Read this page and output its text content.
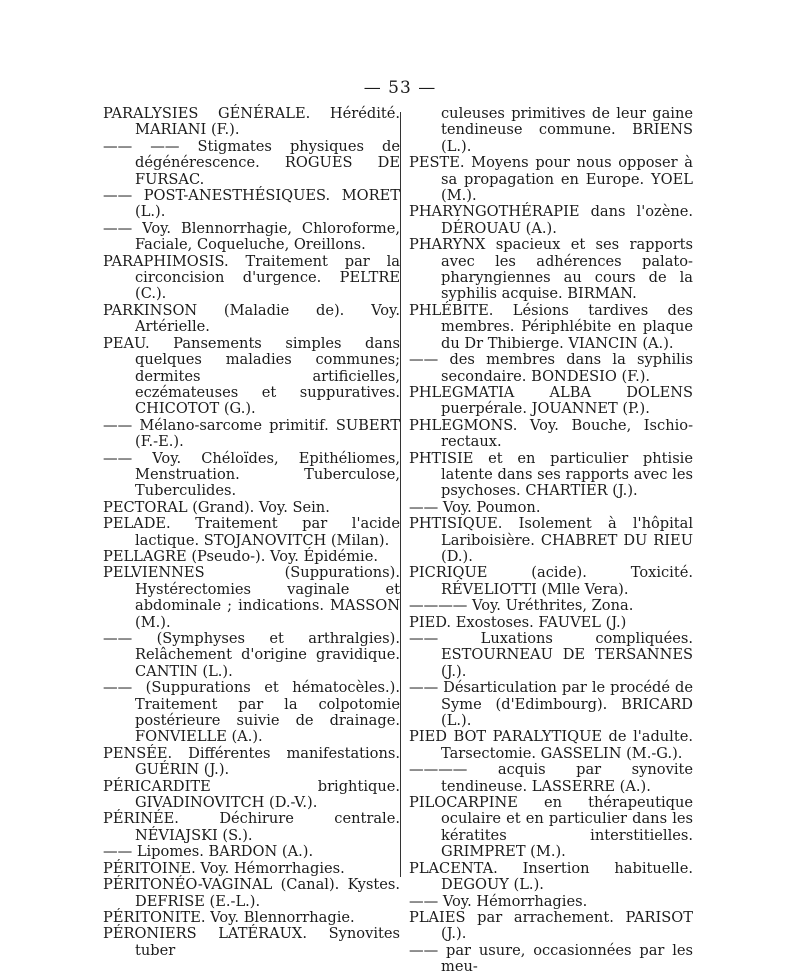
— 53 —

PARALYSIES GÉNÉRALE. Hérédité. MARIANI (F.).

—— —— Stigmates physiques de dégénérescence. ROGUES DE FURSAC.

—— POST-ANESTHÉSIQUES. MORET (L.).

—— Voy. Blennorrhagie, Chloroforme, Faciale, Coqueluche, Oreillons.

PARAPHIMOSIS. Traitement par la circoncision d'urgence. PELTRE (C.).

PARKINSON (Maladie de). Voy. Artérielle.

PEAU. Pansements simples dans quelques maladies communes; dermites artificielles, eczémateuses et suppuratives. CHICOTOT (G.).

—— Mélano-sarcome primitif. SUBERT (F.-E.).

—— Voy. Chéloïdes, Epithéliomes, Menstruation. Tuberculose, Tuberculides.

PECTORAL (Grand). Voy. Sein.

PELADE. Traitement par l'acide lactique. STOJANOVITCH (Milan).

PELLAGRE (Pseudo-). Voy. Épidémie.

PELVIENNES (Suppurations). Hystérectomies vaginale et abdominale ; indications. MASSON (M.).

—— (Symphyses et arthralgies). Relâchement d'origine gravidique. CANTIN (L.).

—— (Suppurations et hématocèles.). Traitement par la colpotomie postérieure suivie de drainage. FONVIELLE (A.).

PENSÉE. Différentes manifestations. GUÉRIN (J.).

PÉRICARDITE brightique. GIVADINOVITCH (D.-V.).

PÉRINÉE. Déchirure centrale. NÉVIAJSKI (S.).

—— Lipomes. BARDON (A.).

PÉRITOINE. Voy. Hémorrhagies.

PÉRITONÉO-VAGINAL (Canal). Kystes. DEFRISE (E.-L.).

PÉRITONITE. Voy. Blennorrhagie.

PÉRONIERS LATÉRAUX. Synovites tuber

culeuses primitives de leur gaine tendineuse commune. BRIENS (L.).

PESTE. Moyens pour nous opposer à sa propagation en Europe. YOEL (M.).

PHARYNGOTHÉRAPIE dans l'ozène. DÉROUAU (A.).

PHARYNX spacieux et ses rapports avec les adhérences palato-pharyngiennes au cours de la syphilis acquise. BIRMAN.

PHLÉBITE. Lésions tardives des membres. Périphlébite en plaque du Dr Thibierge. VIANCIN (A.).

—— des membres dans la syphilis secondaire. BONDESIO (F.).

PHLEGMATIA ALBA DOLENS puerpérale. JOUANNET (P.).

PHLEGMONS. Voy. Bouche, Ischio-rectaux.

PHTISIE et en particulier phtisie latente dans ses rapports avec les psychoses. CHARTIER (J.).

—— Voy. Poumon.

PHTISIQUE. Isolement à l'hôpital Lariboisière. CHABRET DU RIEU (D.).

PICRIQUE (acide). Toxicité. RÉVELIOTTI (Mlle Vera).

———— Voy. Uréthrites, Zona.

PIED. Exostoses. FAUVEL (J.)

—— Luxations compliquées. ESTOURNEAU DE TERSANNES (J.).

—— Désarticulation par le procédé de Syme (d'Edimbourg). BRICARD (L.).

PIED BOT PARALYTIQUE de l'adulte. Tarsectomie. GASSELIN (M.-G.).

———— acquis par synovite tendineuse. LASSERRE (A.).

PILOCARPINE en thérapeutique oculaire et en particulier dans les kératites interstitielles. GRIMPRET (M.).

PLACENTA. Insertion habituelle. DEGOUY (L.).

—— Voy. Hémorrhagies.

PLAIES par arrachement. PARISOT (J.).

—— par usure, occasionnées par les meu-
